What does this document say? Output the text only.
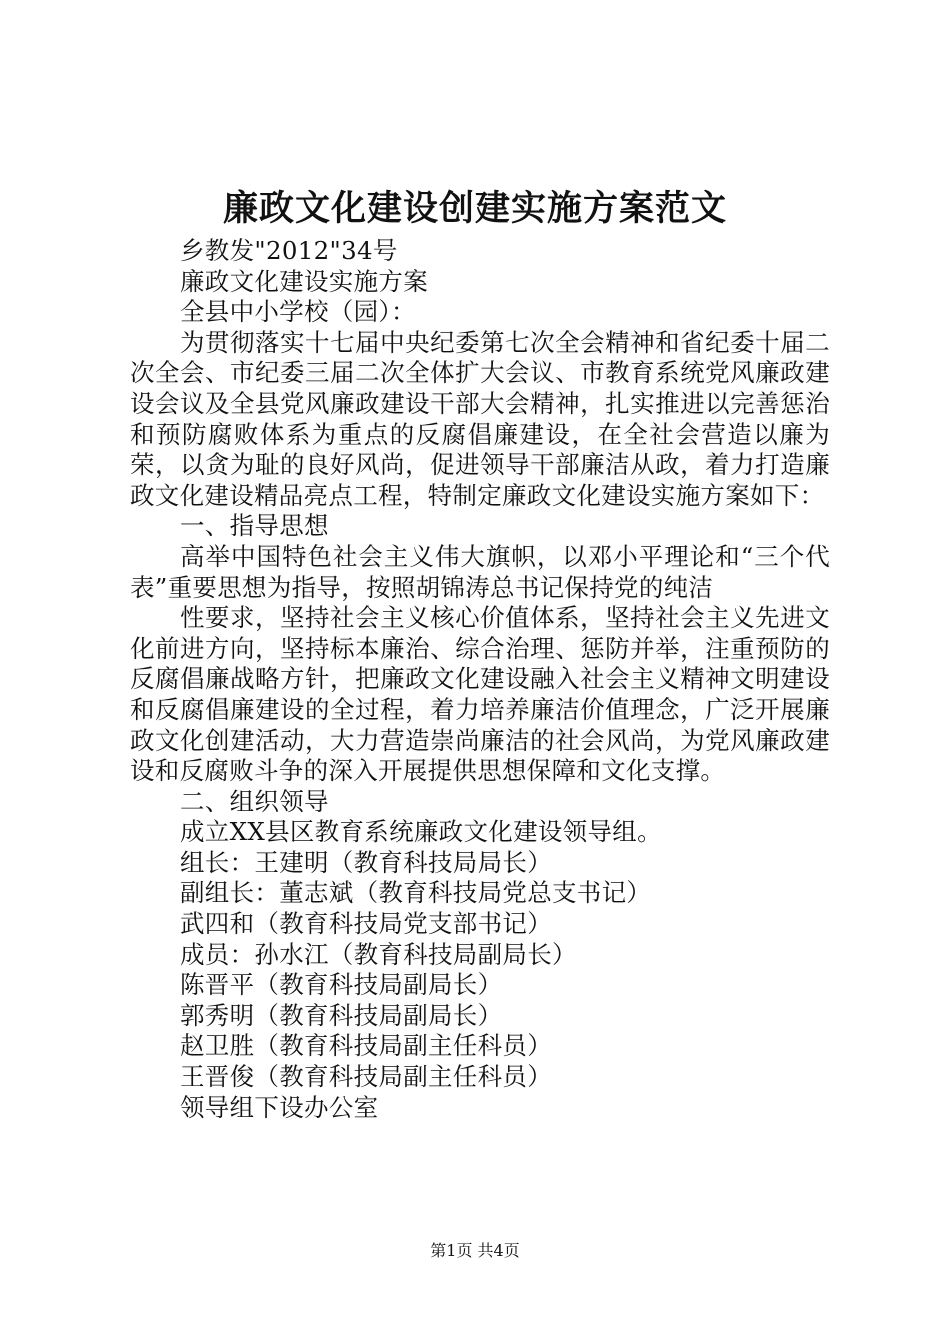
廉政文化建设创建实施方案范文

乡教发"2012"34号

廉政文化建设实施方案

全县中小学校（园）：

为贯彻落实十七届中央纪委第七次全会精神和省纪委十届二次全会、市纪委三届二次全体扩大会议、市教育系统党风廉政建设会议及全县党风廉政建设干部大会精神，扎实推进以完善惩治和预防腐败体系为重点的反腐倡廉建设，在全社会营造以廉为荣，以贪为耻的良好风尚，促进领导干部廉洁从政，着力打造廉政文化建设精品亮点工程，特制定廉政文化建设实施方案如下：

一、指导思想

高举中国特色社会主义伟大旗帜，以邓小平理论和“三个代表”重要思想为指导，按照胡锦涛总书记保持党的纯洁

性要求，坚持社会主义核心价值体系，坚持社会主义先进文化前进方向，坚持标本廉治、综合治理、惩防并举，注重预防的反腐倡廉战略方针，把廉政文化建设融入社会主义精神文明建设和反腐倡廉建设的全过程，着力培养廉洁价值理念，广泛开展廉政文化创建活动，大力营造崇尚廉洁的社会风尚，为党风廉政建设和反腐败斗争的深入开展提供思想保障和文化支撑。

二、组织领导

成立XX县区教育系统廉政文化建设领导组。

组长：王建明（教育科技局局长）

副组长：董志斌（教育科技局党总支书记）

武四和（教育科技局党支部书记）

成员：孙水江（教育科技局副局长）

陈晋平（教育科技局副局长）

郭秀明（教育科技局副局长）

赵卫胜（教育科技局副主任科员）

王晋俊（教育科技局副主任科员）

领导组下设办公室

第1页 共4页
